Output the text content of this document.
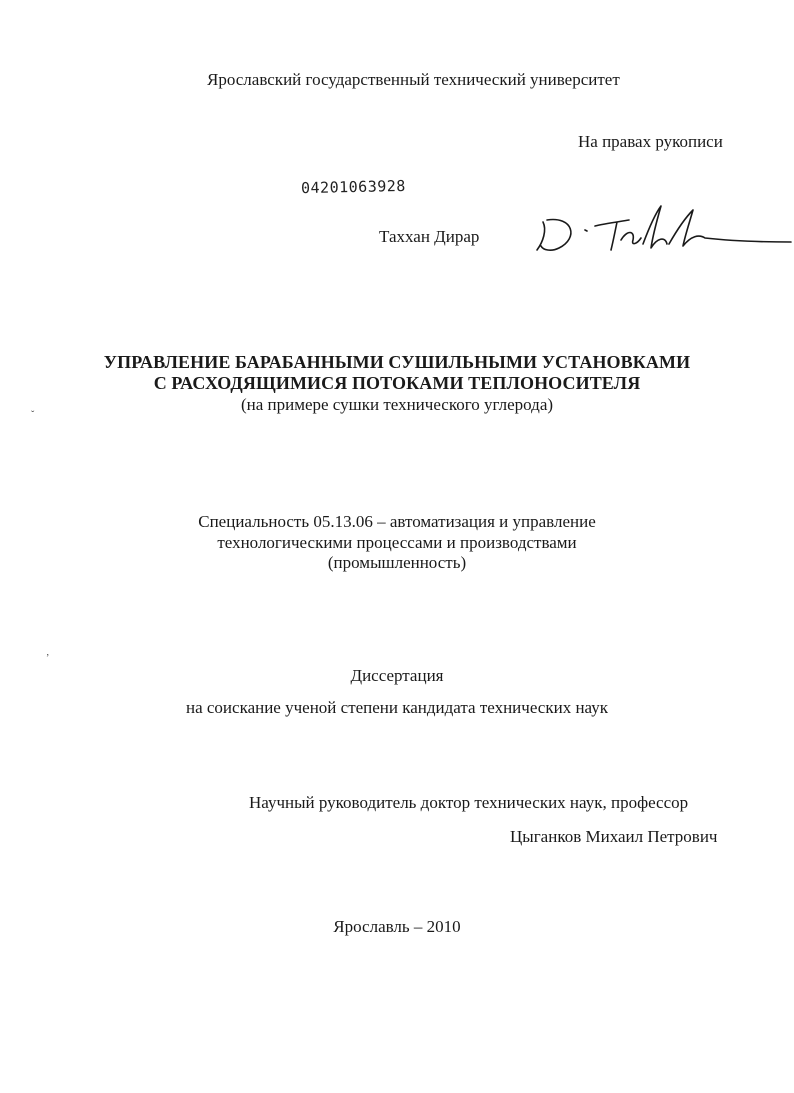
Ярославский государственный технический университет
На правах рукописи
04201063928
Таххан Дирар
УПРАВЛЕНИЕ БАРАБАННЫМИ СУШИЛЬНЫМИ УСТАНОВКАМИ
С РАСХОДЯЩИМИСЯ ПОТОКАМИ ТЕПЛОНОСИТЕЛЯ
(на примере сушки технического углерода)
Специальность 05.13.06 – автоматизация и управление
технологическими процессами и производствами
(промышленность)
Диссертация
на соискание ученой степени кандидата технических наук
Научный руководитель доктор технических наук, профессор
Цыганков Михаил Петрович
Ярославль – 2010
ˇ
ʼ
